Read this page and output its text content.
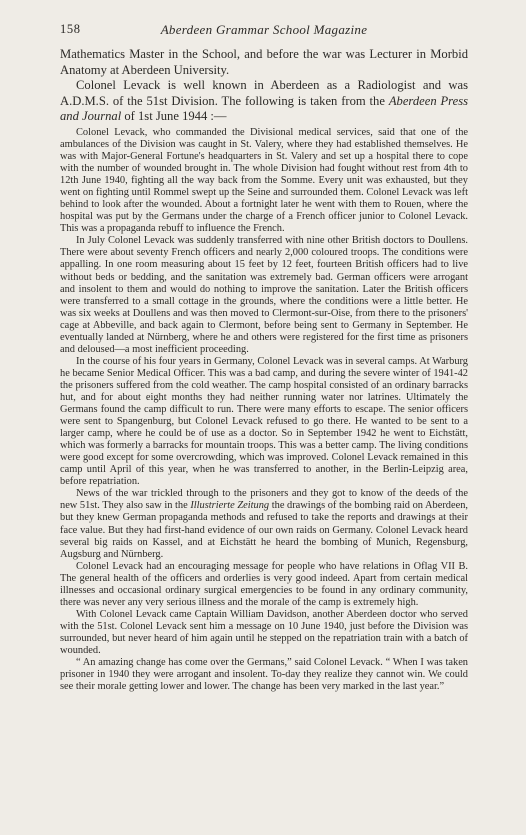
158	Aberdeen Grammar School Magazine

Mathematics Master in the School, and before the war was Lecturer in Morbid Anatomy at Aberdeen University.

Colonel Levack is well known in Aberdeen as a Radiologist and was A.D.M.S. of the 51st Division. The following is taken from the Aberdeen Press and Journal of 1st June 1944 :—

Colonel Levack, who commanded the Divisional medical services, said that one of the ambulances of the Division was caught in St. Valery, where they had established themselves. He was with Major-General Fortune's headquarters in St. Valery and set up a hospital there to cope with the number of wounded brought in. The whole Division had fought without rest from 4th to 12th June 1940, fighting all the way back from the Somme. Every unit was exhausted, but they went on fighting until Rommel swept up the Seine and surrounded them. Colonel Levack was left behind to look after the wounded. About a fortnight later he went with them to Rouen, where the hospital was put by the Germans under the charge of a French officer junior to Colonel Levack. This was a propaganda rebuff to influence the French.

In July Colonel Levack was suddenly transferred with nine other British doctors to Doullens. There were about seventy French officers and nearly 2,000 coloured troops. The conditions were appalling. In one room measuring about 15 feet by 12 feet, fourteen British officers had to live without beds or bedding, and the sanitation was extremely bad. German officers were arrogant and insolent to them and would do nothing to improve the sanitation. Later the British officers were transferred to a small cottage in the grounds, where the conditions were a little better. He was six weeks at Doullens and was then moved to Clermont-sur-Oise, from there to the prisoners' cage at Abbeville, and back again to Clermont, before being sent to Germany in September. He eventually landed at Nürnberg, where he and others were registered for the first time as prisoners and deloused—a most inefficient proceeding.

In the course of his four years in Germany, Colonel Levack was in several camps. At Warburg he became Senior Medical Officer. This was a bad camp, and during the severe winter of 1941-42 the prisoners suffered from the cold weather. The camp hospital consisted of an ordinary barracks hut, and for about eight months they had neither running water nor latrines. Ultimately the Germans found the camp difficult to run. There were many efforts to escape. The senior officers were sent to Spangenburg, but Colonel Levack refused to go there. He wanted to be sent to a larger camp, where he could be of use as a doctor. So in September 1942 he went to Eichstätt, which was formerly a barracks for mountain troops. This was a better camp. The living conditions were good except for some overcrowding, which was improved. Colonel Levack remained in this camp until April of this year, when he was transferred to another, in the Berlin-Leipzig area, before repatriation.

News of the war trickled through to the prisoners and they got to know of the deeds of the new 51st. They also saw in the Illustrierte Zeitung the drawings of the bombing raid on Aberdeen, but they knew German propaganda methods and refused to take the reports and drawings at their face value. But they had first-hand evidence of our own raids on Germany. Colonel Levack heard several big raids on Kassel, and at Eichstätt he heard the bombing of Munich, Regensburg, Augsburg and Nürnberg.

Colonel Levack had an encouraging message for people who have relations in Oflag VII B. The general health of the officers and orderlies is very good indeed. Apart from certain medical illnesses and occasional ordinary surgical emergencies to be found in any ordinary community, there was never any very serious illness and the morale of the camp is extremely high.

With Colonel Levack came Captain William Davidson, another Aberdeen doctor who served with the 51st. Colonel Levack sent him a message on 10 June 1940, just before the Division was surrounded, but never heard of him again until he stepped on the repatriation train with a batch of wounded.

“ An amazing change has come over the Germans,” said Colonel Levack. “ When I was taken prisoner in 1940 they were arrogant and insolent. To-day they realize they cannot win. We could see their morale getting lower and lower. The change has been very marked in the last year.”
